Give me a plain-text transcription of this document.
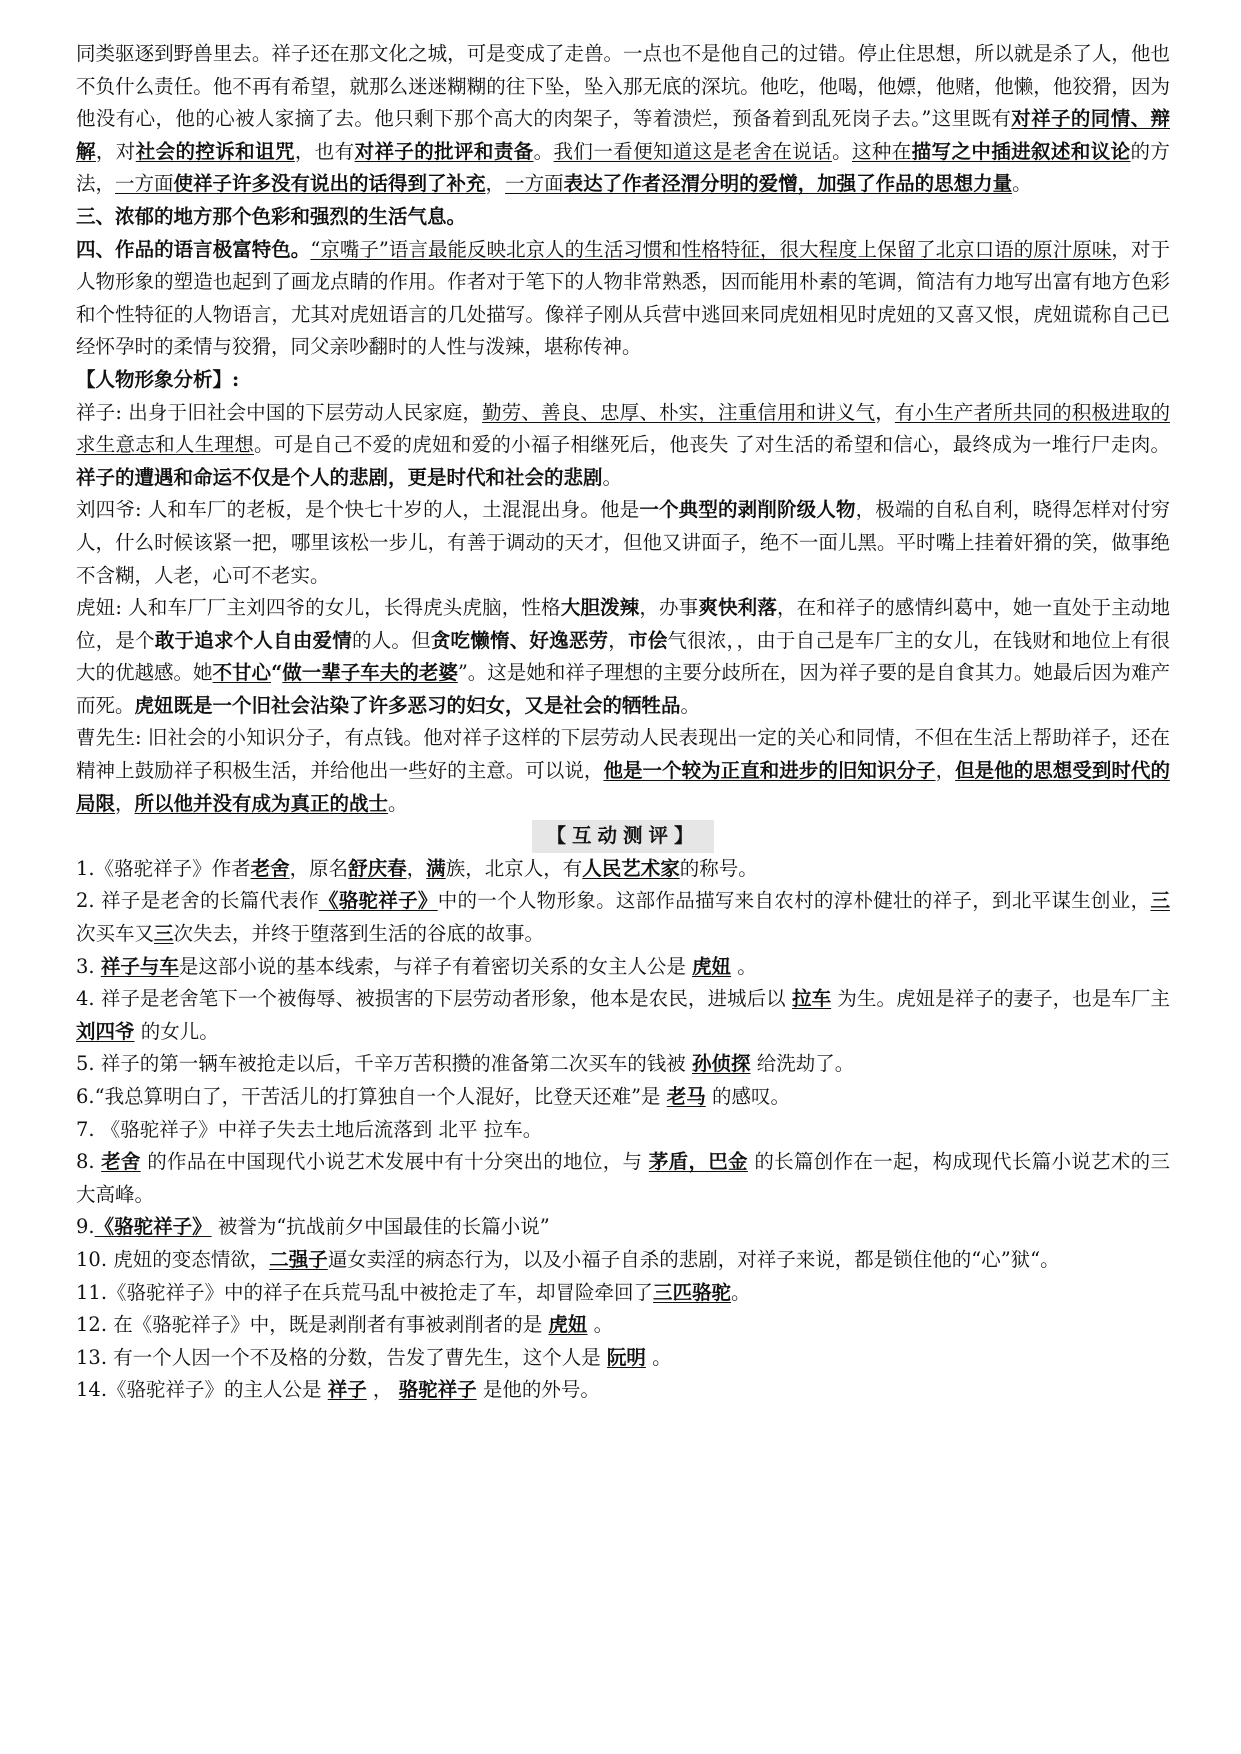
同类驱逐到野兽里去。祥子还在那文化之城，可是变成了走兽。一点也不是他自己的过错。停止住思想，所以就是杀了人，他也不负什么责任。他不再有希望，就那么迷迷糊糊的往下坠，坠入那无底的深坑。他吃，他喝，他嫖，他赌，他懒，他狡猾，因为他没有心，他的心被人家摘了去。他只剩下那个高大的肉架子，等着溃烂，预备着到乱死岗子去。”这里既有对祥子的同情、辩解，对社会的控诉和诅咒，也有对祥子的批评和责备。我们一看便知道这是老舍在说话。这种在描写之中插进叙述和议论的方法，一方面使祥子许多没有说出的话得到了补充，一方面表达了作者泾渭分明的爱憎，加强了作品的思想力量。

三、浓郁的地方那个色彩和强烈的生活气息。

四、作品的语言极富特色。“京嘴子”语言最能反映北京人的生活习惯和性格特征，很大程度上保留了北京口语的原汁原味，对于人物形象的塑造也起到了画龙点睛的作用。作者对于笔下的人物非常熟悉，因而能用朴素的笔调，简洁有力地写出富有地方色彩和个性特征的人物语言，尤其对虎妞语言的几处描写。像祥子刚从兵营中逃回来同虎妞相见时虎妞的又喜又恨，虎妞谎称自己已经怀孕时的柔情与狡猾，同父亲吵翻时的人性与泼辣，堪称传神。

【人物形象分析】:

祥子: 出身于旧社会中国的下层劳动人民家庭，勤劳、善良、忠厚、朴实，注重信用和讲义气，有小生产者所共同的积极进取的求生意志和人生理想。可是自己不爱的虎妞和爱的小福子相继死后，他丧失 了对生活的希望和信心，最终成为一堆行尸走肉。祥子的遭遇和命运不仅是个人的悲剧，更是时代和社会的悲剧。

刘四爷: 人和车厂的老板，是个快七十岁的人，土混混出身。他是一个典型的剥削阶级人物，极端的自私自利，晓得怎样对付穷人，什么时候该紧一把，哪里该松一步儿，有善于调动的天才，但他又讲面子，绝不一面儿黑。平时嘴上挂着奸猾的笑，做事绝不含糊，人老，心可不老实。

虎妞: 人和车厂厂主刘四爷的女儿，长得虎头虎脑，性格大胆泼辣，办事爽快利落，在和祥子的感情纠葛中，她一直处于主动地位，是个敢于追求个人自由爱情的人。但贪吃懒惰、好逸恶劳，市侩气很浓，，由于自己是车厂主的女儿，在钱财和地位上有很大的优越感。她不甘心“做一辈子车夫的老婆”。这是她和祥子理想的主要分歧所在，因为祥子要的是自食其力。她最后因为难产而死。虎妞既是一个旧社会沾染了许多恶习的妇女，又是社会的牺牲品。

曹先生: 旧社会的小知识分子，有点钱。他对祥子这样的下层劳动人民表现出一定的关心和同情，不但在生活上帮助祥子，还在精神上鼓励祥子积极生活，并给他出一些好的主意。可以说，他是一个较为正直和进步的旧知识分子，但是他的思想受到时代的局限，所以他并没有成为真正的战士。

【互动测评】

1.《骆驼祥子》作者老舍，原名舒庆春，满族，北京人，有人民艺术家的称号。

2. 祥子是老舍的长篇代表作《骆驼祥子》中的一个人物形象。这部作品描写来自农村的淳朴健壮的祥子，到北平谋生创业，三次买车又三次失去，并终于堕落到生活的谷底的故事。

3. 祥子与车是这部小说的基本线索，与祥子有着密切关系的女主人公是 虎妞 。

4. 祥子是老舍笔下一个被侮辱、被损害的下层劳动者形象，他本是农民，进城后以 拉车 为生。虎妞是祥子的妻子，也是车厂主 刘四爷 的女儿。

5. 祥子的第一辆车被抢走以后，千辛万苦积攒的准备第二次买车的钱被 孙侦探 给洗劫了。

6.“我总算明白了，干苦活儿的打算独自一个人混好，比登天还难”是 老马 的感叹。

7. 《骆驼祥子》中祥子失去土地后流落到 北平 拉车。

8. 老舍 的作品在中国现代小说艺术发展中有十分突出的地位，与 茅盾，巴金 的长篇创作在一起，构成现代长篇小说艺术的三大高峰。

9.《骆驼祥子》 被誉为“抗战前夕中国最佳的长篇小说”

10. 虎妞的变态情欲，二强子逼女卖淫的病态行为，以及小福子自杀的悲剧，对祥子来说，都是锁住他的“心”狱“。

11.《骆驼祥子》中的祥子在兵荒马乱中被抢走了车，却冒险牵回了三匹骆驼。

12. 在《骆驼祥子》中，既是剥削者有事被剥削者的是 虎妞 。

13. 有一个人因一个不及格的分数，告发了曹先生，这个人是 阮明 。

14.《骆驼祥子》的主人公是 祥子 ， 骆驼祥子 是他的外号。
